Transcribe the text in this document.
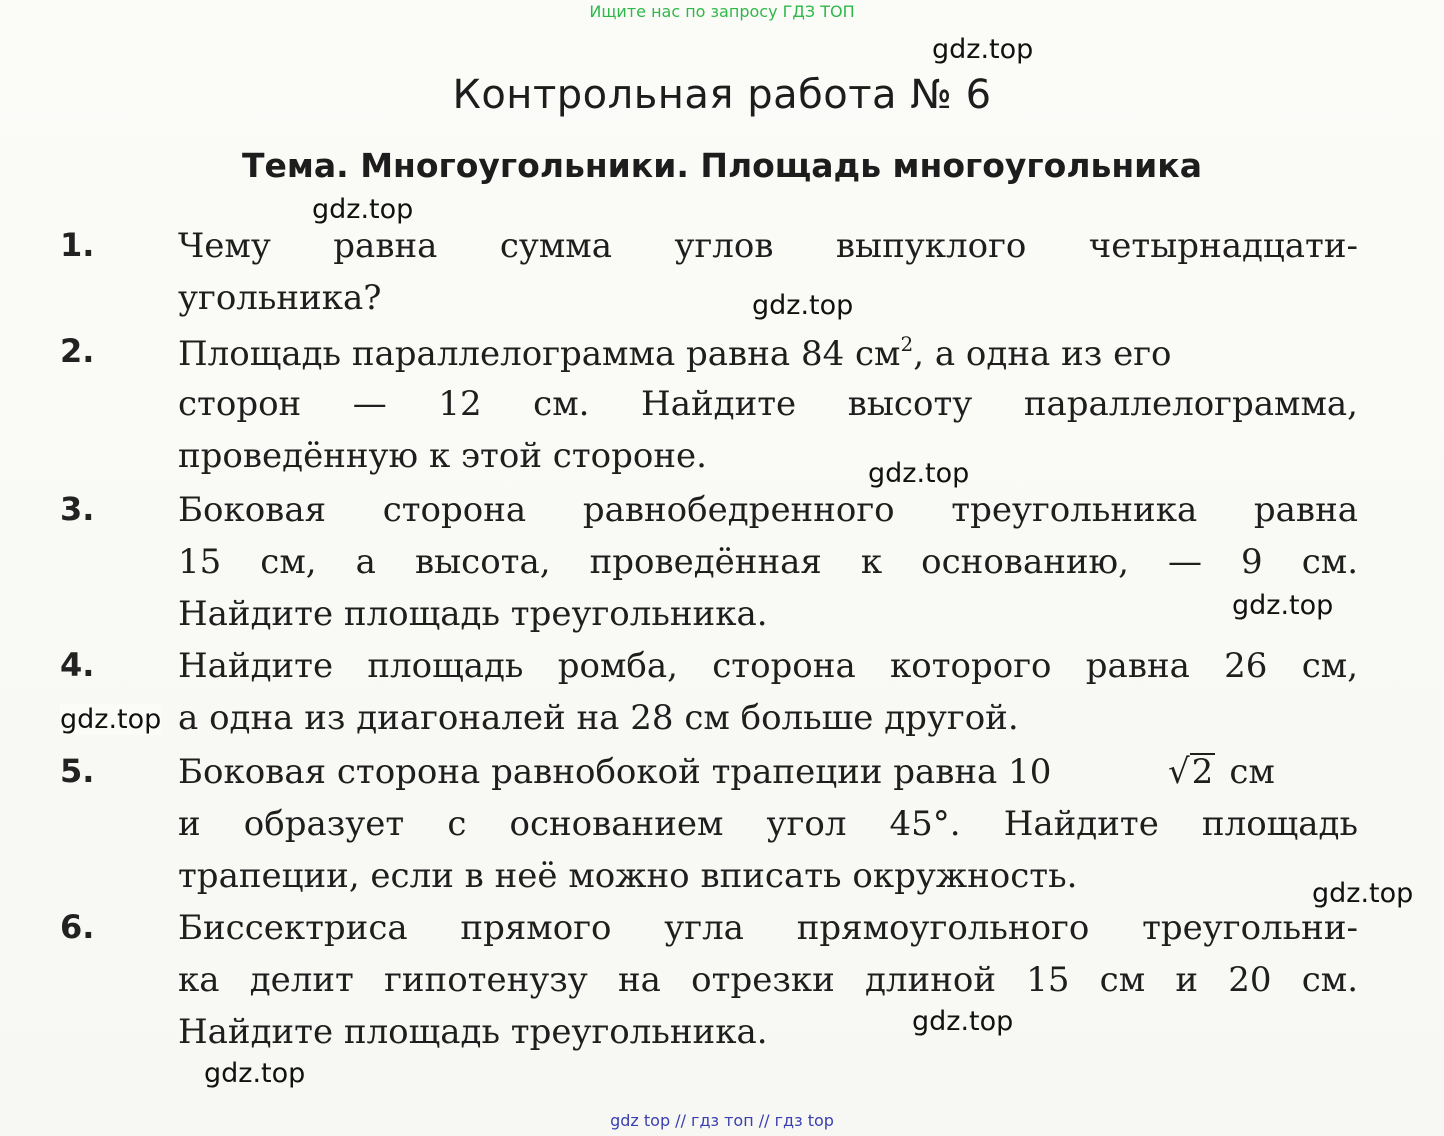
Ищите нас по запросу ГДЗ ТОП
Контрольная работа № 6
Тема. Многоугольники. Площадь многоугольника
1. Чему равна сумма углов выпуклого четырнадцати-
угольника?
2. Площадь параллелограмма равна 84 $см^2$, а одна из его
сторон — 12 см. Найдите высоту параллелограмма,
проведённую к этой стороне.
3. Боковая сторона равнобедренного треугольника равна
15 см, а высота, проведённая к основанию, — 9 см.
Найдите площадь треугольника.
4. Найдите площадь ромба, сторона которого равна 26 см,
а одна из диагоналей на 28 см больше другой.
5. Боковая сторона равнобокой трапеции равна 10	√ 2 см
и образует с основанием угол 45°. Найдите площадь
трапеции, если в неё можно вписать окружность.
6. Биссектриса прямого угла прямоугольного треугольни-
ка делит гипотенузу на отрезки длиной 15 см и 20 см.
Найдите площадь треугольника.
gdz.top
gdz.top
gdz.top
gdz.top
gdz.top
gdz.top
gdz.top
gdz.top
gdz.top
gdz top // гдз топ // гдз top
